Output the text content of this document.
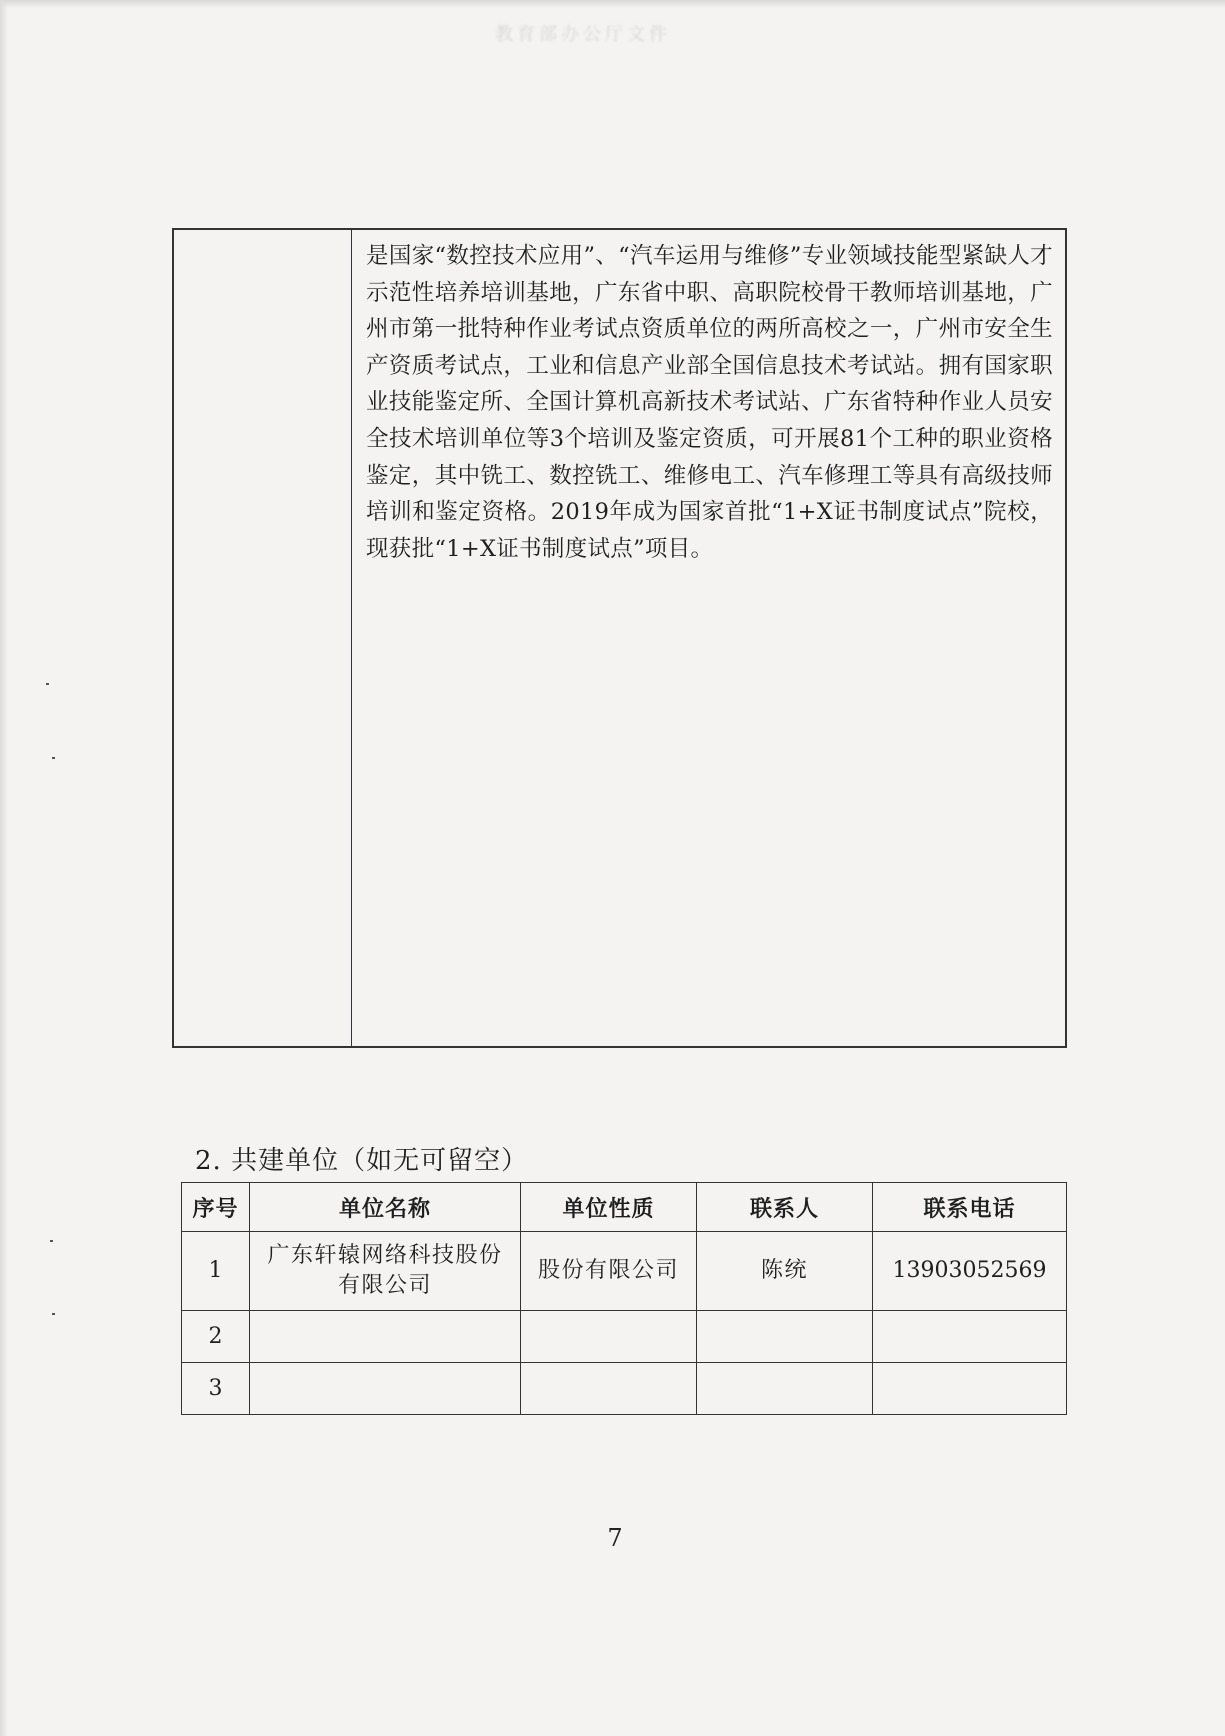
教育部办公厅文件

是国家“数控技术应用”、“汽车运用与维修”专业领域技能型紧缺人才示范性培养培训基地，广东省中职、高职院校骨干教师培训基地，广州市第一批特种作业考试点资质单位的两所高校之一，广州市安全生产资质考试点，工业和信息产业部全国信息技术考试站。拥有国家职业技能鉴定所、全国计算机高新技术考试站、广东省特种作业人员安全技术培训单位等3个培训及鉴定资质，可开展81个工种的职业资格鉴定，其中铣工、数控铣工、维修电工、汽车修理工等具有高级技师培训和鉴定资格。2019年成为国家首批“1+X证书制度试点”院校，现获批“1+X证书制度试点”项目。

2. 共建单位（如无可留空）
序号	单位名称	单位性质	联系人	联系电话
1	广东轩辕网络科技股份有限公司	股份有限公司	陈统	13903052569
2				
3				
7
